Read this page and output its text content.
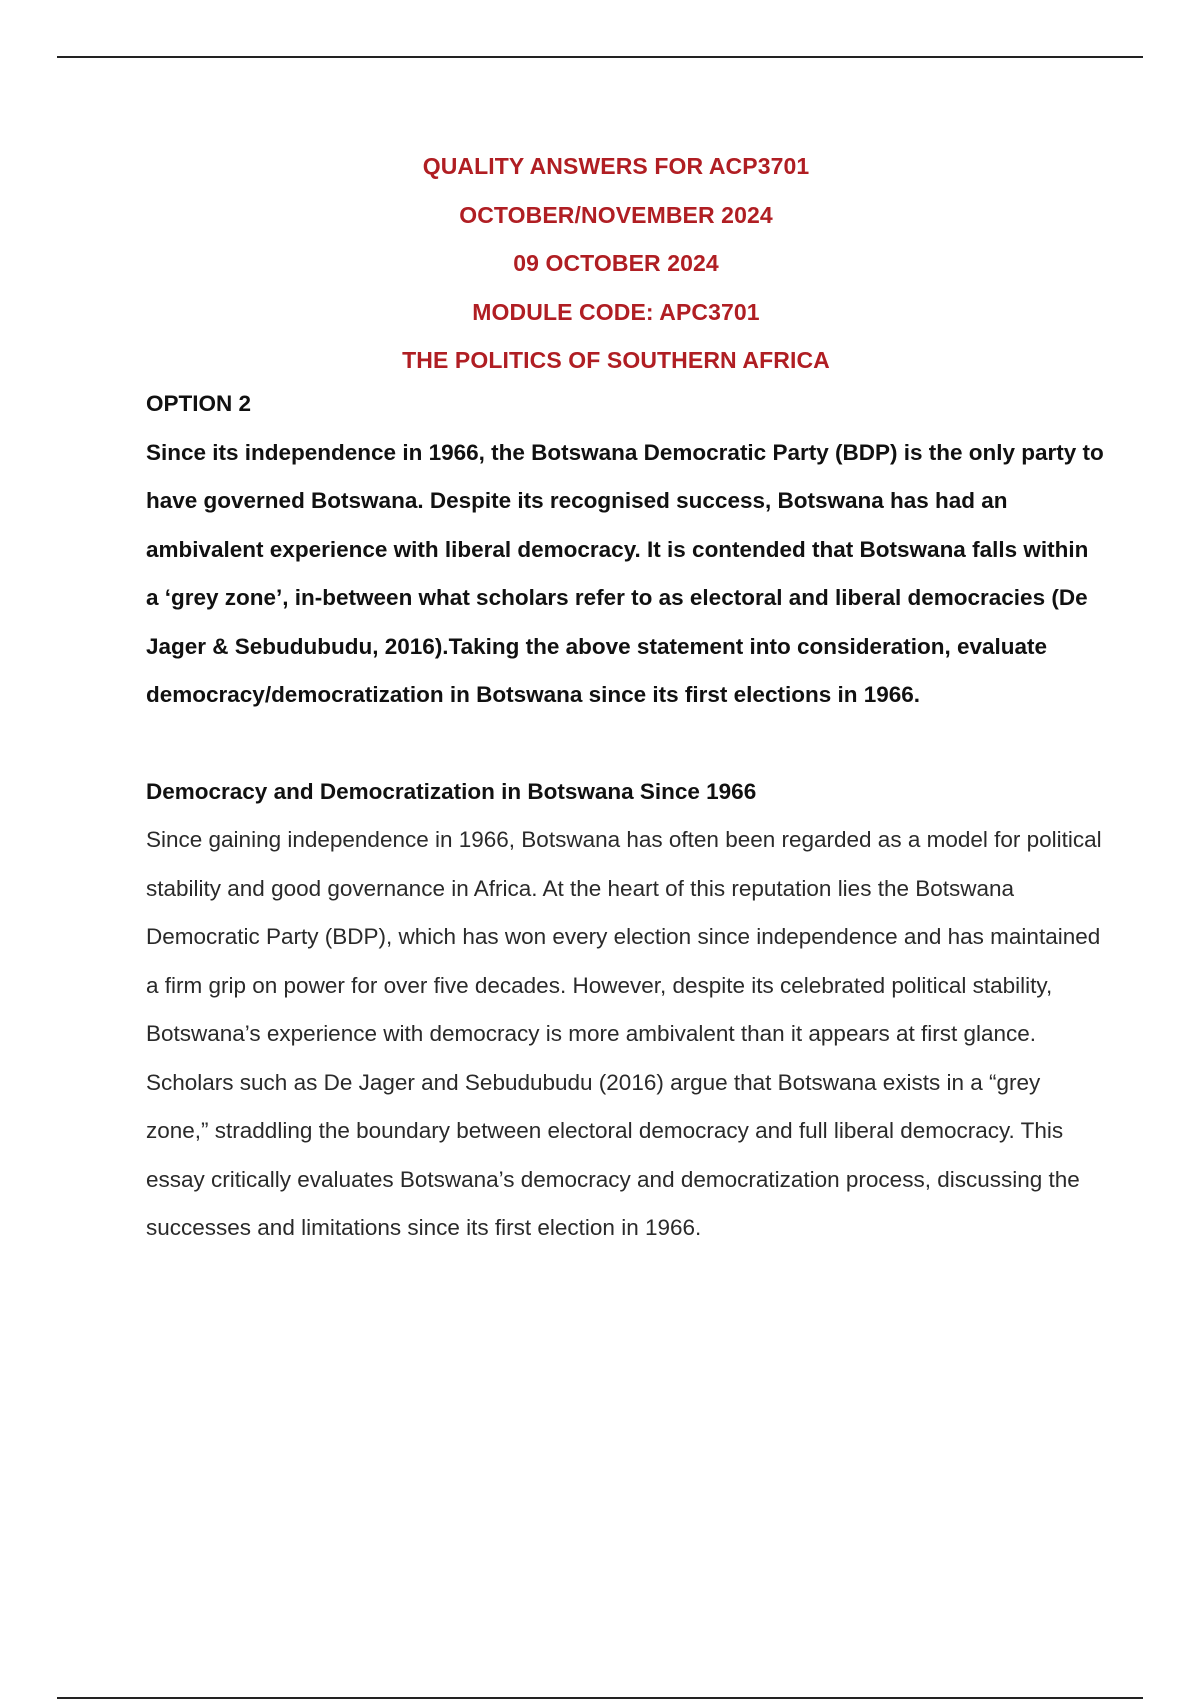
QUALITY ANSWERS FOR ACP3701
OCTOBER/NOVEMBER 2024
09 OCTOBER 2024
MODULE CODE: APC3701
THE POLITICS OF SOUTHERN AFRICA

OPTION 2

Since its independence in 1966, the Botswana Democratic Party (BDP) is the only party to have governed Botswana. Despite its recognised success, Botswana has had an ambivalent experience with liberal democracy. It is contended that Botswana falls within a ‘grey zone’, in-between what scholars refer to as electoral and liberal democracies (De Jager & Sebudubudu, 2016).Taking the above statement into consideration, evaluate democracy/democratization in Botswana since its first elections in 1966.

Democracy and Democratization in Botswana Since 1966

Since gaining independence in 1966, Botswana has often been regarded as a model for political stability and good governance in Africa. At the heart of this reputation lies the Botswana Democratic Party (BDP), which has won every election since independence and has maintained a firm grip on power for over five decades. However, despite its celebrated political stability, Botswana’s experience with democracy is more ambivalent than it appears at first glance. Scholars such as De Jager and Sebudubudu (2016) argue that Botswana exists in a “grey zone,” straddling the boundary between electoral democracy and full liberal democracy. This essay critically evaluates Botswana’s democracy and democratization process, discussing the successes and limitations since its first election in 1966.
